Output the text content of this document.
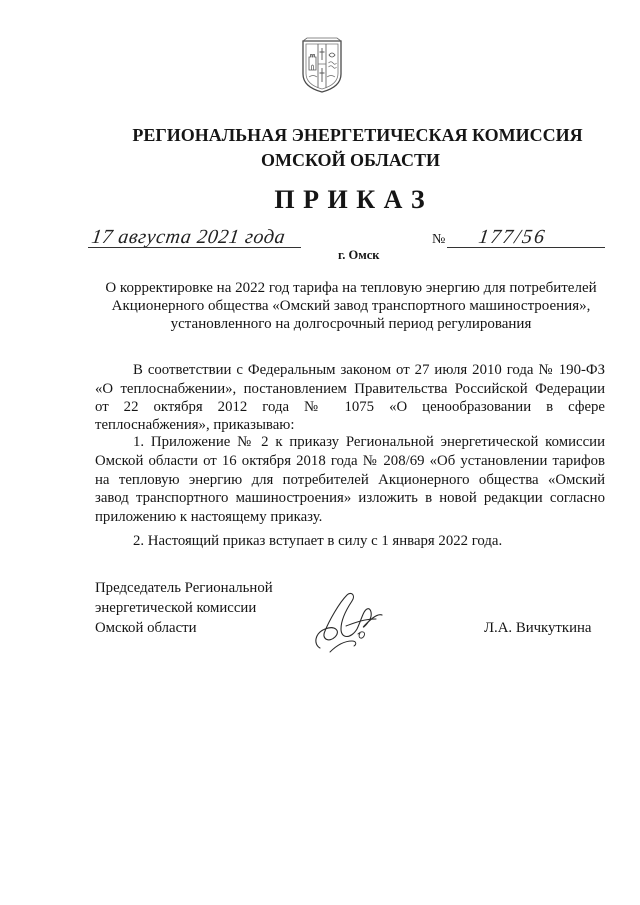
РЕГИОНАЛЬНАЯ ЭНЕРГЕТИЧЕСКАЯ КОМИССИЯ
ОМСКОЙ ОБЛАСТИ
П Р И К А З
17 августа 2021 года
г. Омск
№ 177/56
О корректировке на 2022 год тарифа на тепловую энергию для потребителей
Акционерного общества «Омский завод транспортного машиностроения»,
установленного на долгосрочный период регулирования
В соответствии с Федеральным законом от 27 июля 2010 года № 190-ФЗ
«О теплоснабжении», постановлением Правительства Российской Федерации
от 22 октября 2012 года № 1075 «О ценообразовании в сфере
теплоснабжения», приказываю:
1. Приложение № 2 к приказу Региональной энергетической комиссии
Омской области от 16 октября 2018 года № 208/69 «Об установлении тарифов
на тепловую энергию для потребителей Акционерного общества «Омский
завод транспортного машиностроения» изложить в новой редакции согласно
приложению к настоящему приказу.
2. Настоящий приказ вступает в силу с 1 января 2022 года.
Председатель Региональной
энергетической комиссии
Омской области	Л.А. Вичкуткина
